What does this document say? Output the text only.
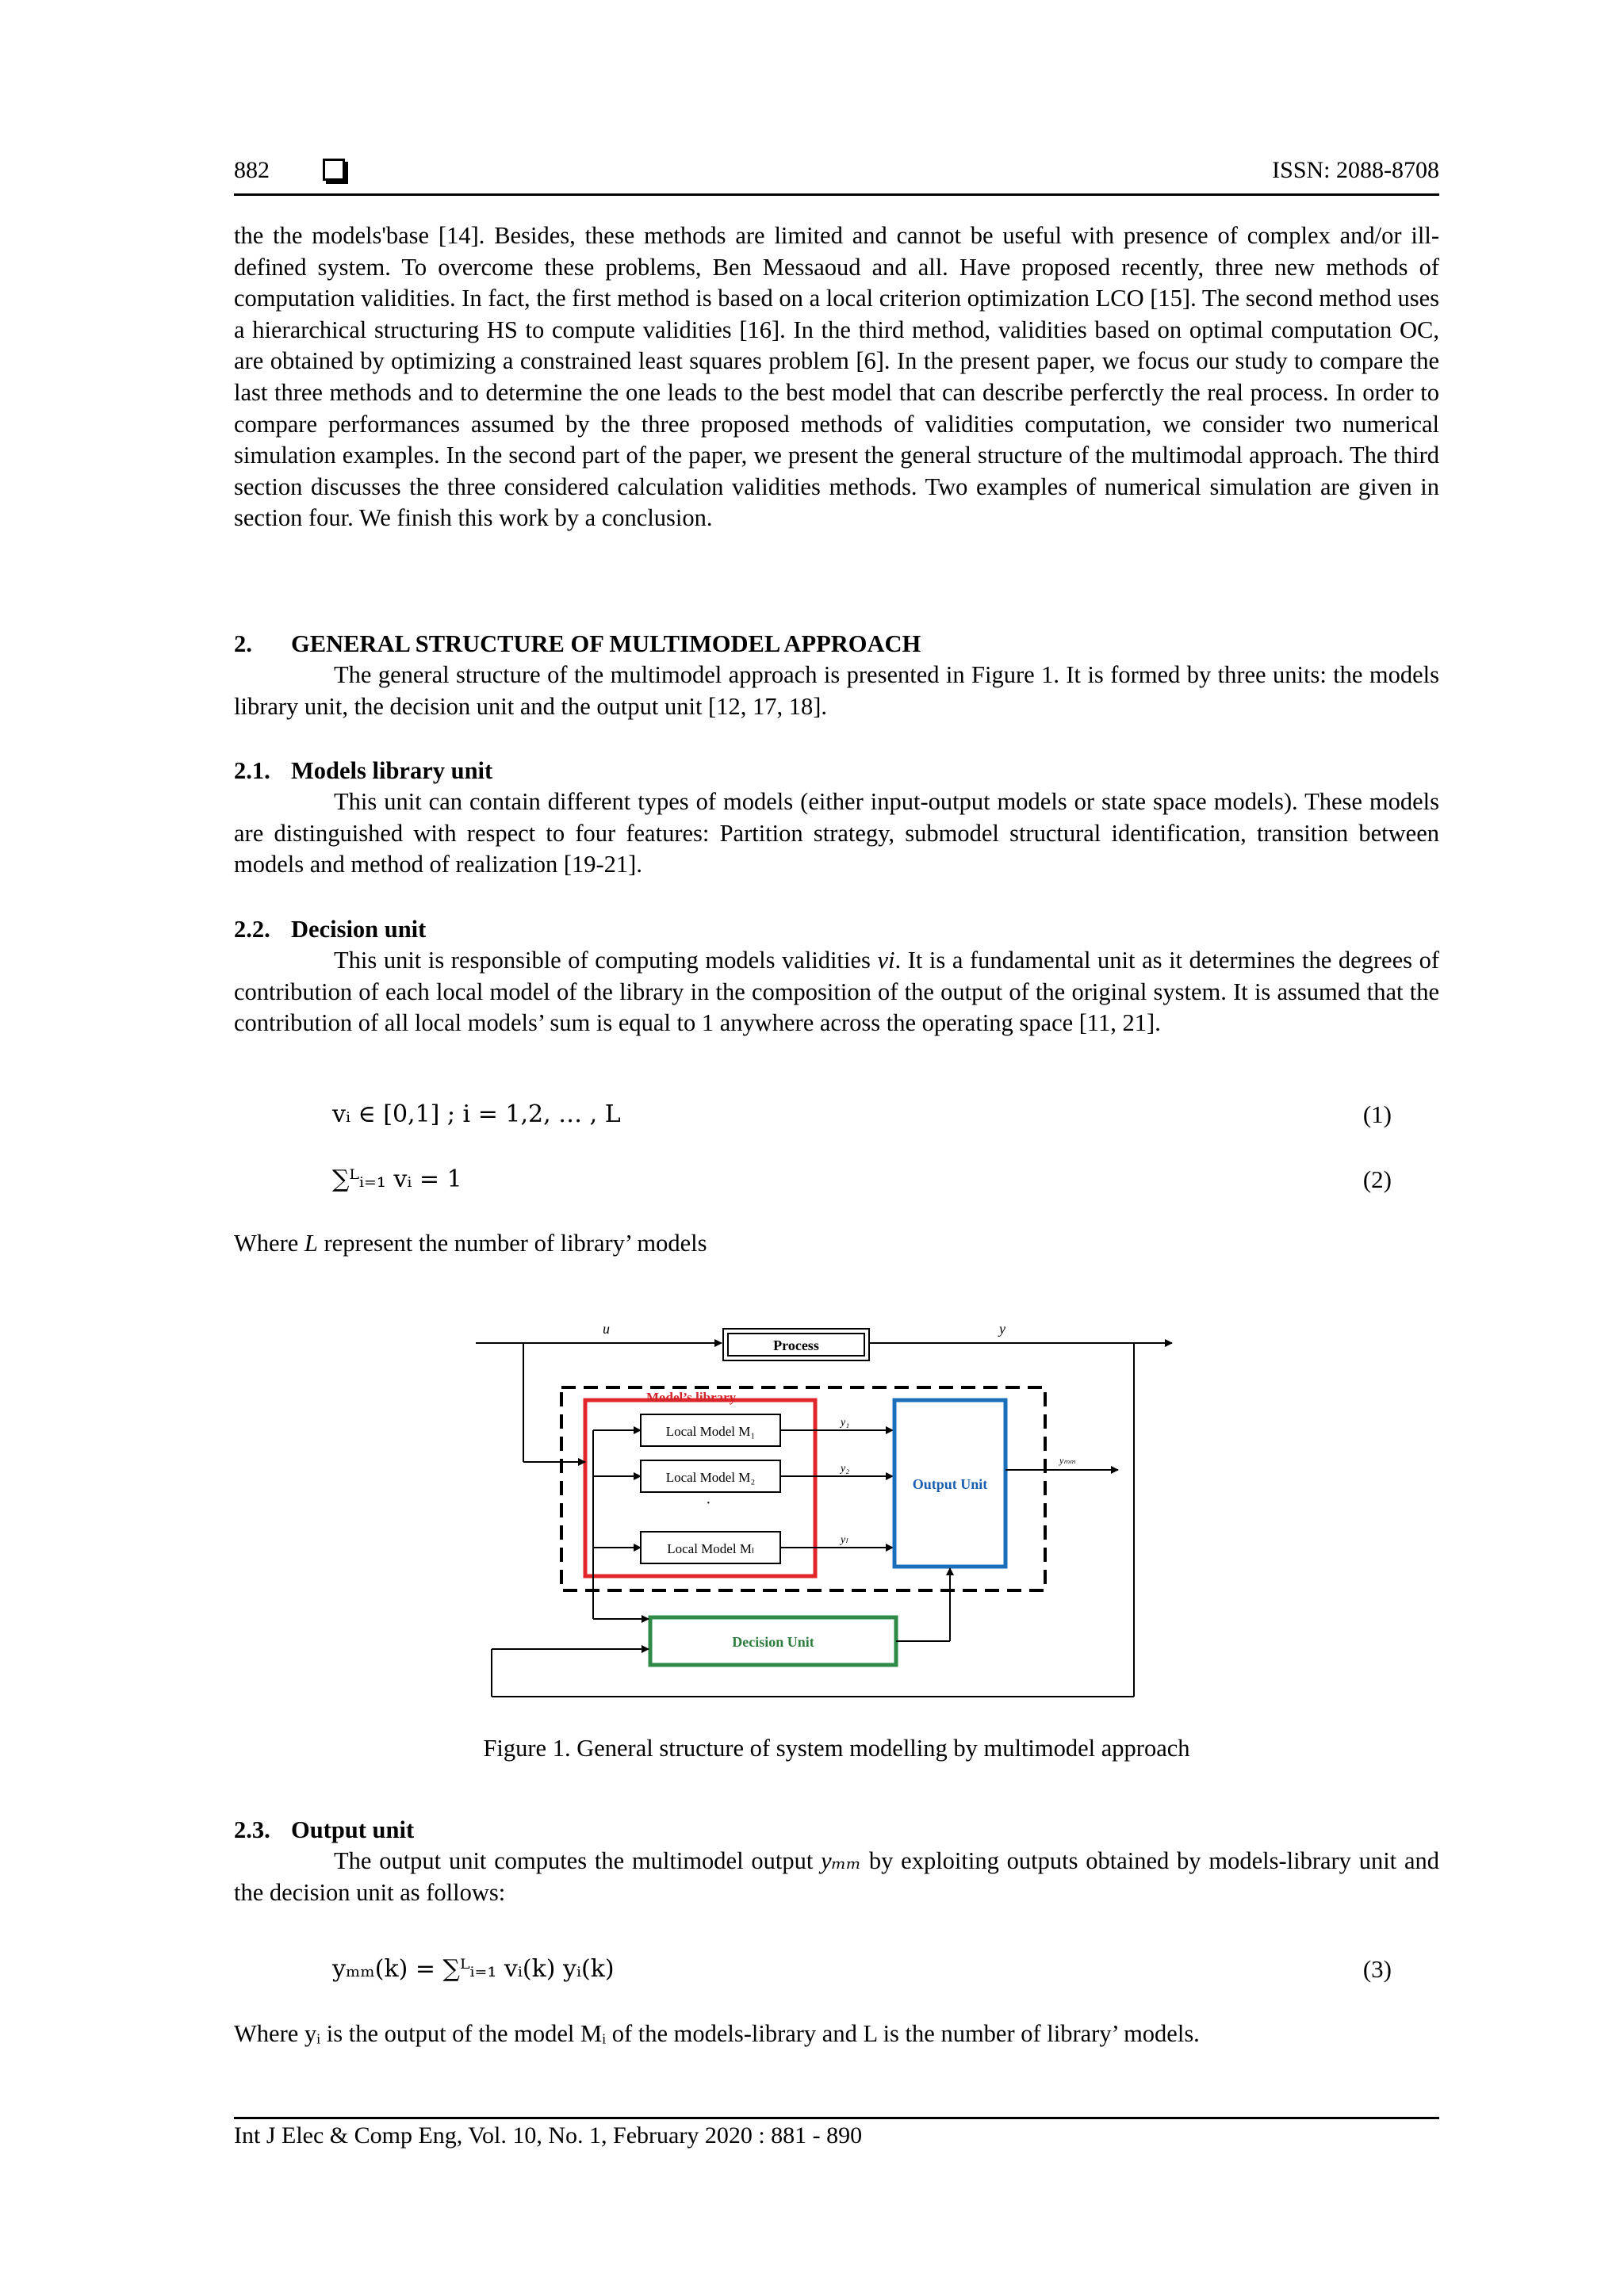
882	ISSN: 2088-8708

the the models'base [14]. Besides, these methods are limited and cannot be useful with presence of complex and/or ill-defined system. To overcome these problems, Ben Messaoud and all. Have proposed recently, three new methods of computation validities. In fact, the first method is based on a local criterion optimization LCO [15]. The second method uses a hierarchical structuring HS to compute validities [16]. In the third method, validities based on optimal computation OC, are obtained by optimizing a constrained least squares problem [6]. In the present paper, we focus our study to compare the last three methods and to determine the one leads to the best model that can describe perferctly the real process. In order to compare performances assumed by the three proposed methods of validities computation, we consider two numerical simulation examples. In the second part of the paper, we present the general structure of the multimodal approach. The third section discusses the three considered calculation validities methods. Two examples of numerical simulation are given in section four. We finish this work by a conclusion.

2. GENERAL STRUCTURE OF MULTIMODEL APPROACH

The general structure of the multimodel approach is presented in Figure 1. It is formed by three units: the models library unit, the decision unit and the output unit [12, 17, 18].

2.1. Models library unit

This unit can contain different types of models (either input-output models or state space models). These models are distinguished with respect to four features: Partition strategy, submodel structural identification, transition between models and method of realization [19-21].

2.2. Decision unit

This unit is responsible of computing models validities vi. It is a fundamental unit as it determines the degrees of contribution of each local model of the library in the composition of the output of the original system. It is assumed that the contribution of all local models’ sum is equal to 1 anywhere across the operating space [11, 21].

vᵢ ∈ [0,1] ; i = 1,2, … , L	(1)
∑ᴸᵢ₌₁ vᵢ = 1	(2)

Where L represent the number of library’ models

u
Process
y
Model’s library
Local Model M₁
Local Model M₂
·
Local Model Mₗ
y₁
y₂
yₗ
Output Unit
yₘₘ
Decision Unit
Figure 1. General structure of system modelling by multimodel approach
2.3. Output unit

The output unit computes the multimodel output yₘₘ by exploiting outputs obtained by models-library unit and the decision unit as follows:

yₘₘ(k) = ∑ᴸᵢ₌₁ vᵢ(k) yᵢ(k)	(3)

Where yᵢ is the output of the model Mᵢ of the models-library and L is the number of library’ models.

Int J Elec & Comp Eng, Vol. 10, No. 1, February 2020 : 881 - 890
